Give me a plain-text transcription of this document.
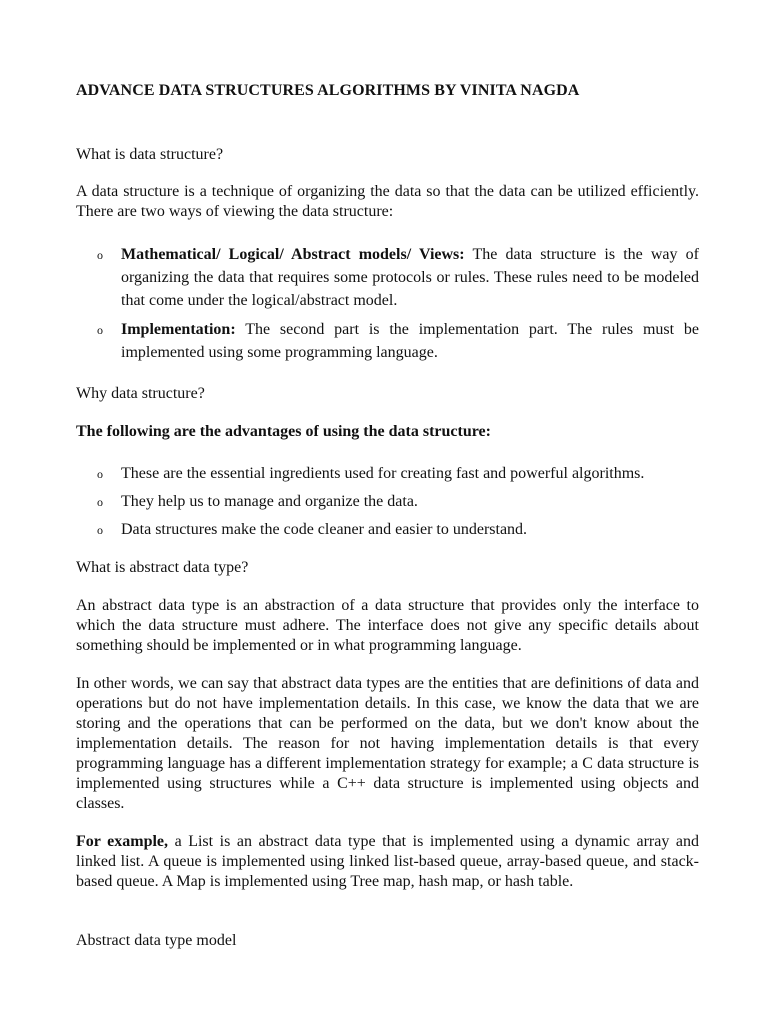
ADVANCE DATA STRUCTURES ALGORITHMS BY VINITA NAGDA

What is data structure?

A data structure is a technique of organizing the data so that the data can be utilized efficiently. There are two ways of viewing the data structure:

o Mathematical/ Logical/ Abstract models/ Views: The data structure is the way of organizing the data that requires some protocols or rules. These rules need to be modeled that come under the logical/abstract model.
o Implementation: The second part is the implementation part. The rules must be implemented using some programming language.

Why data structure?

The following are the advantages of using the data structure:

o These are the essential ingredients used for creating fast and powerful algorithms.
o They help us to manage and organize the data.
o Data structures make the code cleaner and easier to understand.

What is abstract data type?

An abstract data type is an abstraction of a data structure that provides only the interface to which the data structure must adhere. The interface does not give any specific details about something should be implemented or in what programming language.

In other words, we can say that abstract data types are the entities that are definitions of data and operations but do not have implementation details. In this case, we know the data that we are storing and the operations that can be performed on the data, but we don't know about the implementation details. The reason for not having implementation details is that every programming language has a different implementation strategy for example; a C data structure is implemented using structures while a C++ data structure is implemented using objects and classes.

For example, a List is an abstract data type that is implemented using a dynamic array and linked list. A queue is implemented using linked list-based queue, array-based queue, and stack-based queue. A Map is implemented using Tree map, hash map, or hash table.

Abstract data type model
